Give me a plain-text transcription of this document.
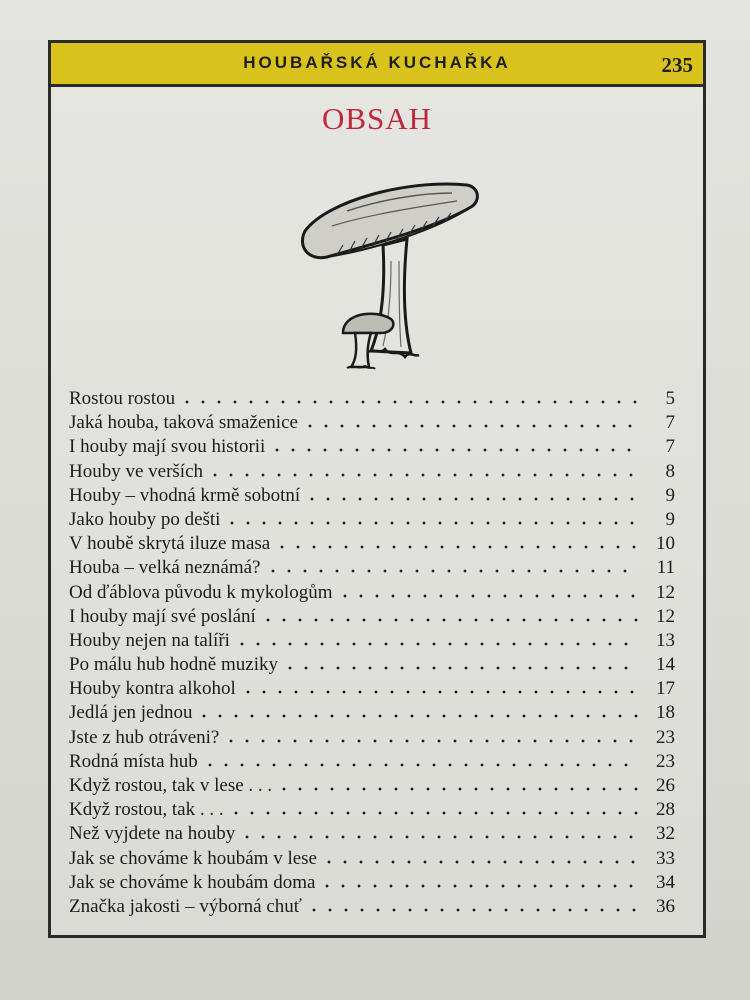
HOUBAŘSKÁ KUCHAŘKA	235
OBSAH
Rostou rostou	5
Jaká houba, taková smaženice	7
I houby mají svou historii	7
Houby ve verších	8
Houby – vhodná krmě sobotní	9
Jako houby po dešti	9
V houbě skrytá iluze masa	10
Houba – velká neznámá?	11
Od ďáblova původu k mykologům	12
I houby mají své poslání	12
Houby nejen na talíři	13
Po málu hub hodně muziky	14
Houby kontra alkohol	17
Jedlá jen jednou	18
Jste z hub otráveni?	23
Rodná místa hub	23
Když rostou, tak v lese . . .	26
Když rostou, tak . . .	28
Než vyjdete na houby	32
Jak se chováme k houbám v lese	33
Jak se chováme k houbám doma	34
Značka jakosti – výborná chuť	36
